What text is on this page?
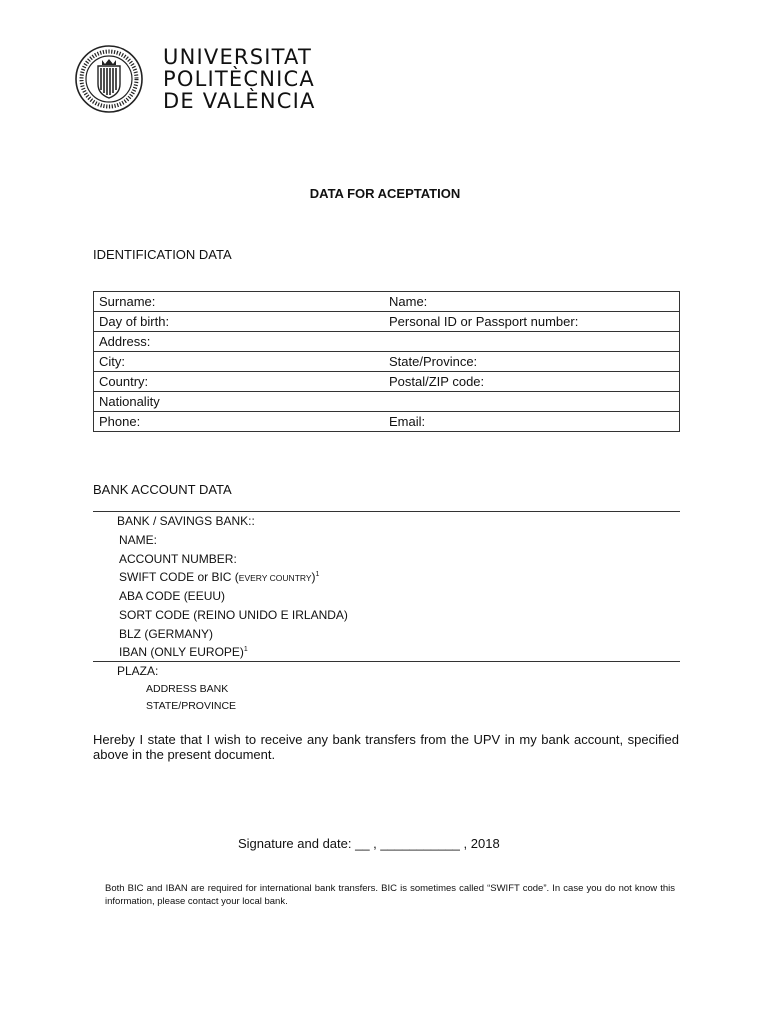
UNIVERSITAT
POLITÈCNICA
DE VALÈNCIA
DATA FOR ACEPTATION
IDENTIFICATION DATA
Surname:	Name:
Day of birth:	Personal ID or Passport number:
Address:	
City:	State/Province:
Country:	Postal/ZIP code:
Nationality	
Phone:	Email:
BANK ACCOUNT DATA
BANK / SAVINGS BANK::
NAME:
ACCOUNT NUMBER:
SWIFT CODE or BIC (EVERY COUNTRY)$^1$
ABA CODE (EEUU)
SORT CODE (REINO UNIDO E IRLANDA)
BLZ (GERMANY)
IBAN (ONLY EUROPE)$^1$
PLAZA:
ADDRESS BANK
STATE/PROVINCE
Hereby I state that I wish to receive any bank transfers from the UPV in my bank account, specified above in the present document.
Signature and date: __ , ___________ , 2018
Both BIC and IBAN are required for international bank transfers. BIC is sometimes called “SWIFT code”. In case you do not know this information, please contact your local bank.
